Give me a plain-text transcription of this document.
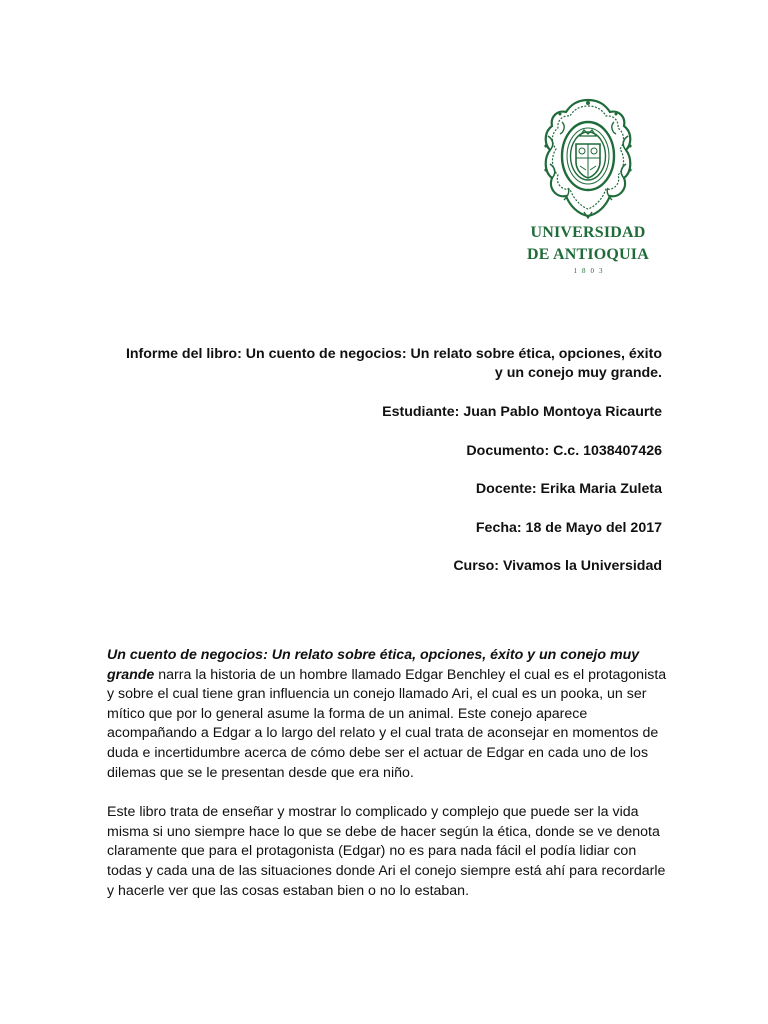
UNIVERSIDAD
DE ANTIOQUIA
1803
Informe del libro: Un cuento de negocios: Un relato sobre ética, opciones, éxito y un conejo muy grande.
Estudiante: Juan Pablo Montoya Ricaurte
Documento: C.c. 1038407426
Docente: Erika Maria Zuleta
Fecha: 18 de Mayo del 2017
Curso: Vivamos la Universidad

Un cuento de negocios: Un relato sobre ética, opciones, éxito y un conejo muy grande narra la historia de un hombre llamado Edgar Benchley el cual es el protagonista y sobre el cual tiene gran influencia un conejo llamado Ari, el cual es un pooka, un ser mítico que por lo general asume la forma de un animal. Este conejo aparece acompañando a Edgar a lo largo del relato y el cual trata de aconsejar en momentos de duda e incertidumbre acerca de cómo debe ser el actuar de Edgar en cada uno de los dilemas que se le presentan desde que era niño.

Este libro trata de enseñar y mostrar lo complicado y complejo que puede ser la vida misma si uno siempre hace lo que se debe de hacer según la ética, donde se ve denota claramente que para el protagonista (Edgar) no es para nada fácil el podía lidiar con todas y cada una de las situaciones donde Ari el conejo siempre está ahí para recordarle y hacerle ver que las cosas estaban bien o no lo estaban.
